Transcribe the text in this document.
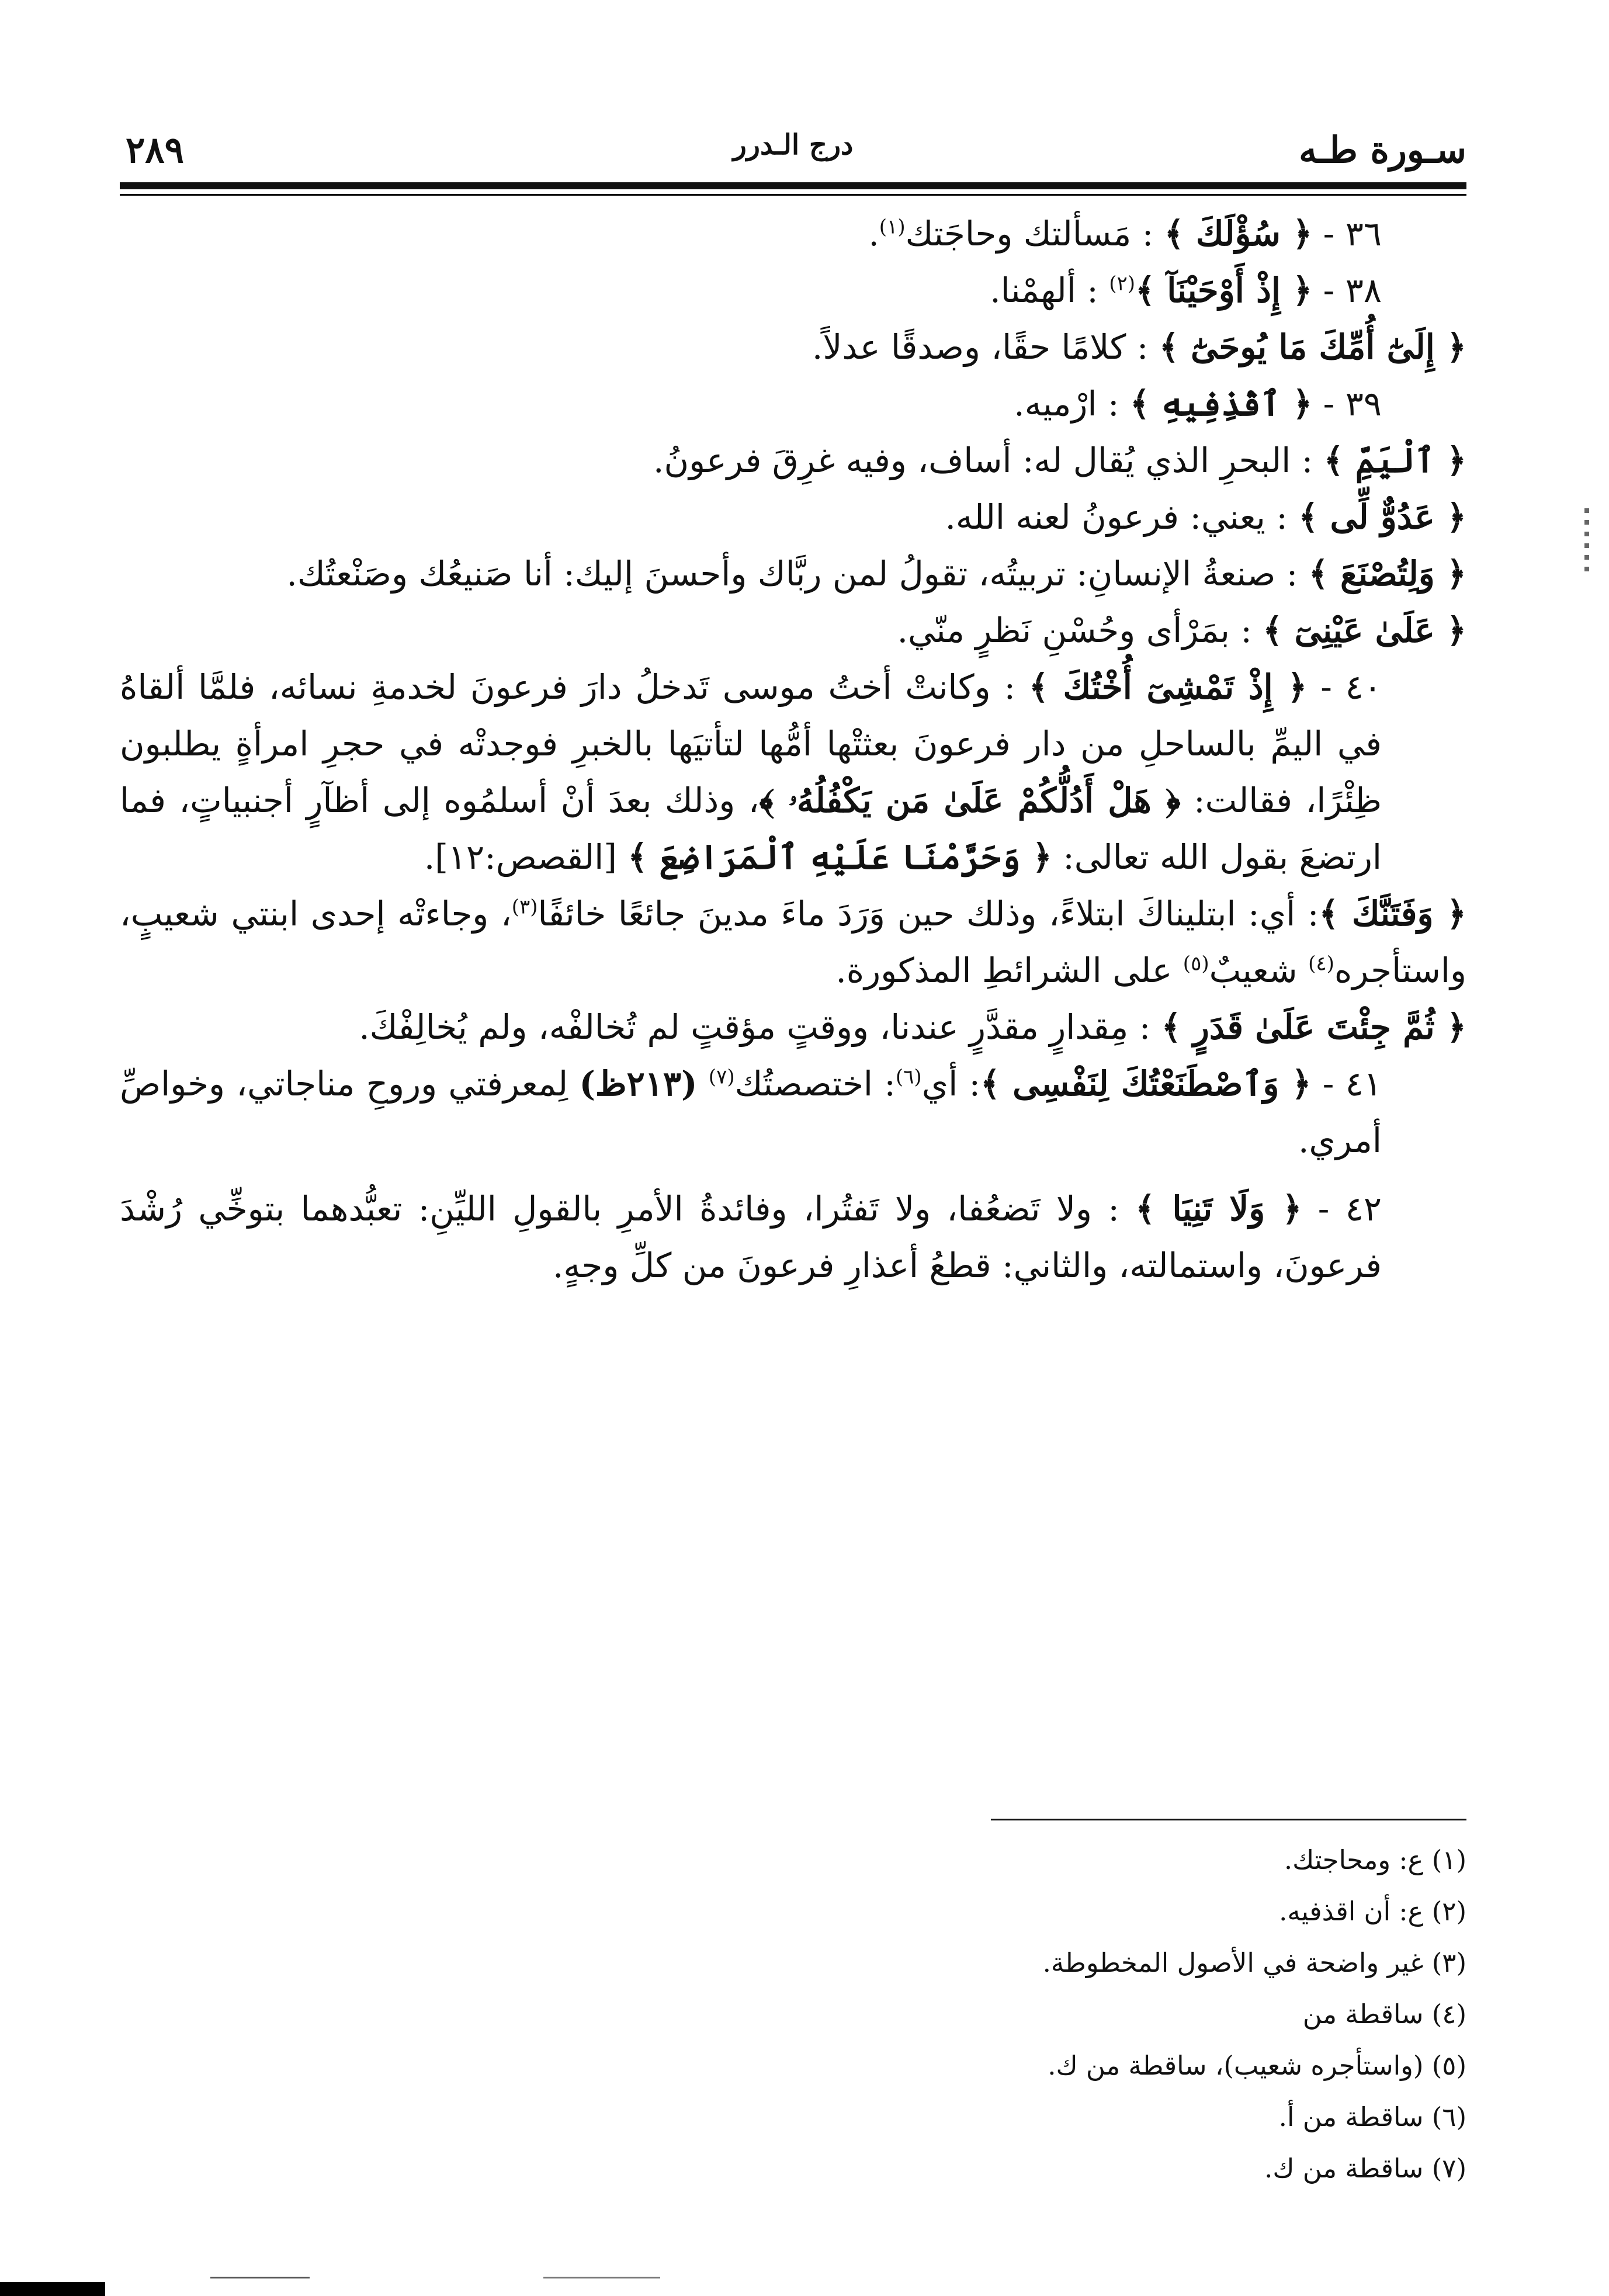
سـورة طـه
درج الـدرر
٢٨٩

٣٦ - ﴿ سُؤْلَكَ ﴾ : مَسألتك وحاجَتك$^{(١)}$.

٣٨ - ﴿ إِذْ أَوْحَيْنَآ ﴾$^{(٢)}$ : ألهمْنا.

﴿ إِلَىٰٓ أُمِّكَ مَا يُوحَىٰٓ ﴾ : كلامًا حقًا، وصدقًا عدلاً.

٣٩ - ﴿ ٱقْذِفِيهِ ﴾ : ارْميه.

﴿ ٱلْيَمِّ ﴾ : البحرِ الذي يُقال له: أساف، وفيه غرِقَ فرعونُ.

﴿ عَدُوٌّ لِّى ﴾ : يعني: فرعونُ لعنه الله.

﴿ وَلِتُصْنَعَ ﴾ : صنعةُ الإنسانِ: تربيتُه، تقولُ لمن ربَّاك وأحسنَ إليك: أنا صَنيعُك وصَنْعتُك.

﴿ عَلَىٰ عَيْنِىٓ ﴾ : بمَرْأى وحُسْنِ نَظرٍ منّي.

٤٠ - ﴿ إِذْ تَمْشِىٓ أُخْتُكَ ﴾ : وكانتْ أختُ موسى تَدخلُ دارَ فرعونَ لخدمةِ نسائه، فلمَّا ألقاهُ في اليمِّ بالساحلِ من دار فرعونَ بعثتْها أمُّها لتأتيَها بالخبرِ فوجدتْه في حجرِ امرأةٍ يطلبون ظِئْرًا، فقالت: ﴿ هَلْ أَدُلُّكُمْ عَلَىٰ مَن يَكْفُلُهُۥ ﴾، وذلك بعدَ أنْ أسلمُوه إلى أظآرٍ أجنبياتٍ، فما ارتضعَ بقول الله تعالى: ﴿ وَحَرَّمْنَا عَلَيْهِ ٱلْمَرَاضِعَ ﴾ [القصص:١٢].

﴿ وَفَتَنَّكَ ﴾: أي: ابتليناكَ ابتلاءً، وذلك حين وَرَدَ ماءَ مدينَ جائعًا خائفًا$^{(٣)}$، وجاءتْه إحدى ابنتي شعيبٍ، واستأجره$^{(٤)}$ شعيبٌ$^{(٥)}$ على الشرائطِ المذكورة.

﴿ ثُمَّ جِئْتَ عَلَىٰ قَدَرٍ ﴾ : مِقدارٍ مقدَّرٍ عندنا، ووقتٍ مؤقتٍ لم تُخالفْه، ولم يُخالِفْكَ.

٤١ - ﴿ وَٱصْطَنَعْتُكَ لِنَفْسِى ﴾: أي$^{(٦)}$: اختصصتُك$^{(٧)}$ (٢١٣ظ) لِمعرفتي وروحِ مناجاتي، وخواصِّ أمري.

٤٢ - ﴿ وَلَا تَنِيَا ﴾ : ولا تَضعُفا، ولا تَفتُرا، وفائدةُ الأمرِ بالقولِ الليِّنِ: تعبُّدهما بتوخِّي رُشْدَ فرعونَ، واستمالته، والثاني: قطعُ أعذارِ فرعونَ من كلِّ وجهٍ.

(١) ع: ومحاجتك.

(٢) ع: أن اقذفيه.

(٣) غير واضحة في الأصول المخطوطة.

(٤) ساقطة من

(٥) (واستأجره شعيب)، ساقطة من ك.

(٦) ساقطة من أ.

(٧) ساقطة من ك.
